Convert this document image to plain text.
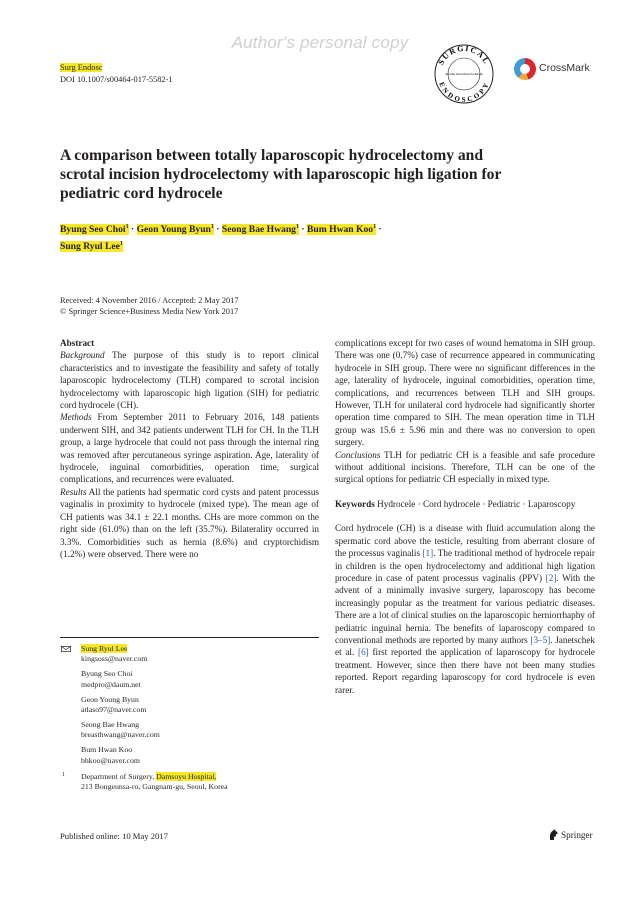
Author's personal copy
Surg Endosc
DOI 10.1007/s00464-017-5582-1
SURGICAL
ENDOSCOPY
and Other Interventional Techniques
CrossMark
A comparison between totally laparoscopic hydrocelectomy and scrotal incision hydrocelectomy with laparoscopic high ligation for pediatric cord hydrocele
Byung Seo Choi$^1$ · Geon Young Byun$^1$ · Seong Bae Hwang$^1$ · Bum Hwan Koo$^1$ ·
Sung Ryul Lee$^1$
Received: 4 November 2016 / Accepted: 2 May 2017
© Springer Science+Business Media New York 2017

Abstract

Background The purpose of this study is to report clinical characteristics and to investigate the feasibility and safety of totally laparoscopic hydrocelectomy (TLH) compared to scrotal incision hydrocelectomy with laparoscopic high ligation (SIH) for pediatric cord hydrocele (CH).

Methods From September 2011 to February 2016, 148 patients underwent SIH, and 342 patients underwent TLH for CH. In the TLH group, a large hydrocele that could not pass through the internal ring was removed after percutaneous syringe aspiration. Age, laterality of hydrocele, inguinal comorbidities, operation time, surgical complications, and recurrences were evaluated.

Results All the patients had spermatic cord cysts and patent processus vaginalis in proximity to hydrocele (mixed type). The mean age of CH patients was 34.1 ± 22.1 months. CHs are more common on the right side (61.0%) than on the left (35.7%). Bilaterality occurred in 3.3%. Comorbidities such as hernia (8.6%) and cryptorchidism (1.2%) were observed. There were no

complications except for two cases of wound hematoma in SIH group. There was one (0.7%) case of recurrence appeared in communicating hydrocele in SIH group. There were no significant differences in the age, laterality of hydrocele, inguinal comorbidities, operation time, complications, and recurrences between TLH and SIH groups. However, TLH for unilateral cord hydrocele had significantly shorter operation time compared to SIH. The mean operation time in TLH group was 15.6 ± 5.96 min and there was no conversion to open surgery.

Conclusions TLH for pediatric CH is a feasible and safe procedure without additional incisions. Therefore, TLH can be one of the surgical options for pediatric CH especially in mixed type.

Keywords Hydrocele · Cord hydrocele · Pediatric · Laparoscopy

Cord hydrocele (CH) is a disease with fluid accumulation along the spermatic cord above the testicle, resulting from aberrant closure of the processus vaginalis [1]. The traditional method of hydrocele repair in children is the open hydrocelectomy and additional high ligation procedure in case of patent processus vaginalis (PPV) [2]. With the advent of a minimally invasive surgery, laparoscopy has become increasingly popular as the treatment for various pediatric diseases. There are a lot of clinical studies on the laparoscopic herniorrhaphy of pediatric inguinal hernia. The benefits of laparoscopy compared to conventional methods are reported by many authors [3–5]. Janetschek et al. [6] first reported the application of laparoscopy for hydrocele treatment. However, since then there have not been many studies reported. Report regarding laparoscopy for cord hydrocele is even rarer.

Sung Ryul Lee
kingsoss@naver.com
Byung Seo Choi
medpro@daum.net
Geon Young Byun
atlaso97@naver.com
Seong Bae Hwang
breasthwang@naver.com
Bum Hwan Koo
bhkoo@naver.com
1 Department of Surgery, Damsoyu Hospital,
213 Bongeunsa-ro, Gangnam-gu, Seoul, Korea
Published online: 10 May 2017	Springer
